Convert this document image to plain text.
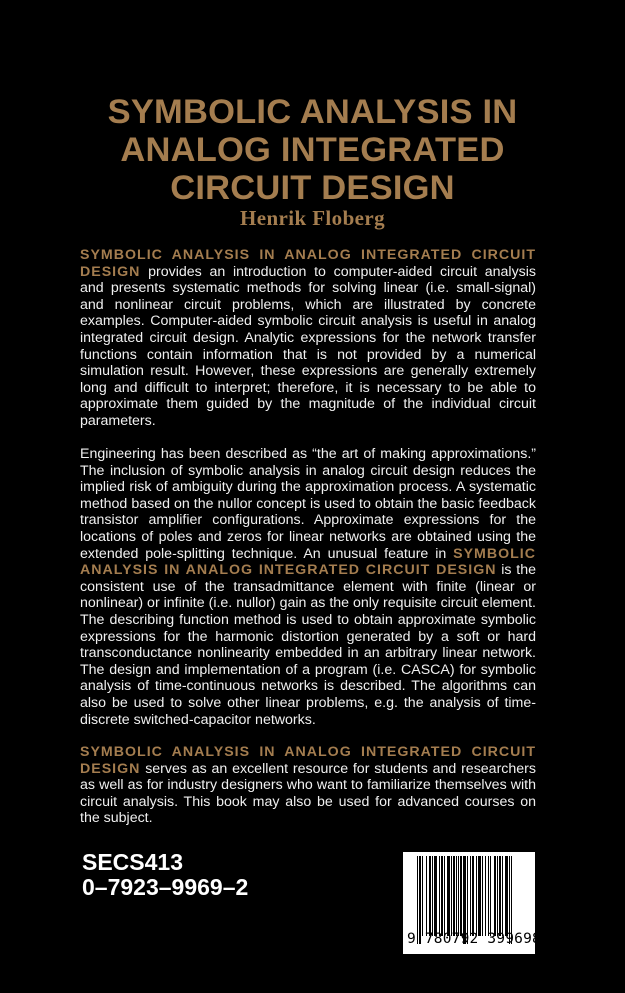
SYMBOLIC ANALYSIS IN
ANALOG INTEGRATED
CIRCUIT DESIGN
Henrik Floberg

SYMBOLIC ANALYSIS IN ANALOG INTEGRATED CIRCUIT DESIGN provides an introduction to computer-aided circuit analysis and presents systematic methods for solving linear (i.e. small-signal) and nonlinear circuit problems, which are illustrated by concrete examples. Computer-aided symbolic circuit analysis is useful in analog integrated circuit design. Analytic expressions for the network transfer functions contain information that is not provided by a numerical simulation result. However, these expressions are generally extremely long and difficult to interpret; therefore, it is necessary to be able to approximate them guided by the magnitude of the individual circuit parameters.

Engineering has been described as “the art of making approximations.” The inclusion of symbolic analysis in analog circuit design reduces the implied risk of ambiguity during the approximation process. A systematic method based on the nullor concept is used to obtain the basic feedback transistor amplifier configurations. Approximate expressions for the locations of poles and zeros for linear networks are obtained using the extended pole-splitting technique. An unusual feature in SYMBOLIC ANALYSIS IN ANALOG INTEGRATED CIRCUIT DESIGN is the consistent use of the transadmittance element with finite (linear or nonlinear) or infinite (i.e. nullor) gain as the only requisite circuit element. The describing function method is used to obtain approximate symbolic expressions for the harmonic distortion generated by a soft or hard transconductance nonlinearity embedded in an arbitrary linear network. The design and implementation of a program (i.e. CASCA) for symbolic analysis of time-continuous networks is described. The algorithms can also be used to solve other linear problems, e.g. the analysis of time-discrete switched-capacitor networks.

SYMBOLIC ANALYSIS IN ANALOG INTEGRATED CIRCUIT DESIGN serves as an excellent resource for students and researchers as well as for industry designers who want to familiarize themselves with circuit analysis. This book may also be used for advanced courses on the subject.

SECS413
0–7923–9969–2
9 780792 399698
